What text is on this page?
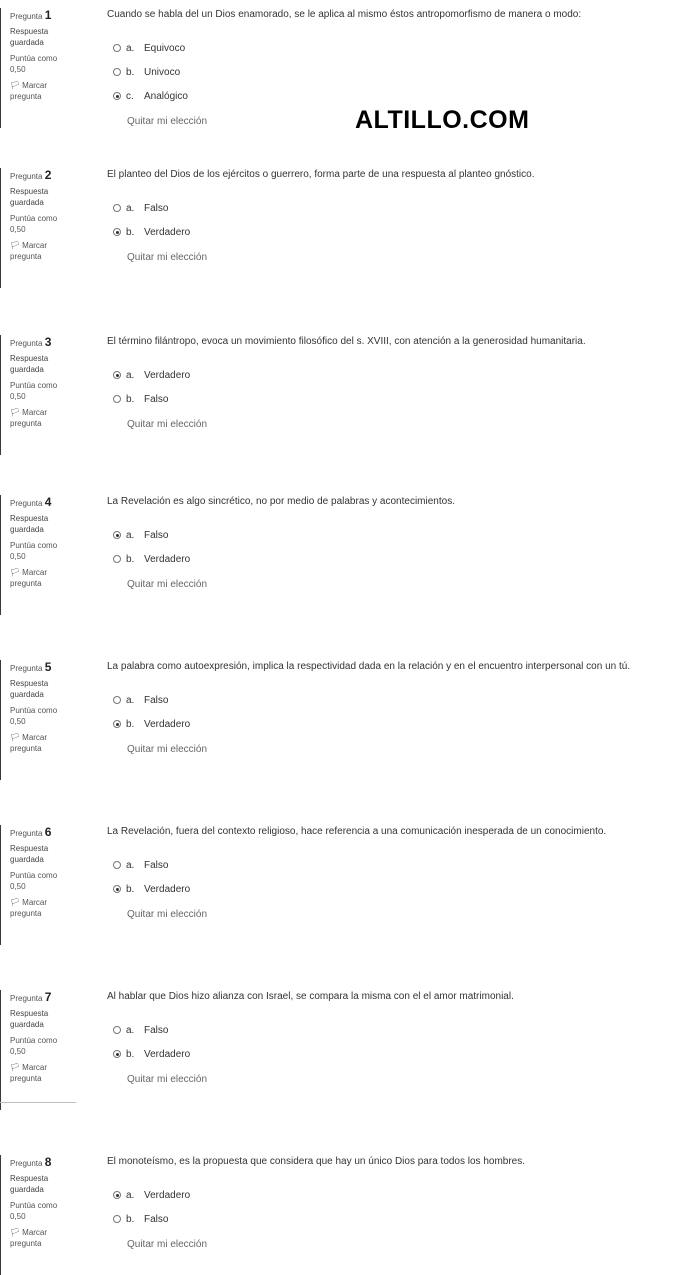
Pregunta 1
Respuesta guardada
Puntúa como 0,50
🏳︎ Marcar pregunta
Cuando se habla del un Dios enamorado, se le aplica al mismo éstos antropomorfismo de manera o modo:
a. Equivoco
b. Univoco
c.	Analógico
Quitar mi elección
Pregunta 2
Respuesta guardada
Puntúa como 0,50
🏳︎ Marcar pregunta
El planteo del Dios de los ejércitos o guerrero, forma parte de una respuesta al planteo gnóstico.
a. Falso
b. Verdadero
Quitar mi elección
Pregunta 3
Respuesta guardada
Puntúa como 0,50
🏳︎ Marcar pregunta
El término filántropo, evoca un movimiento filosófico del s. XVIII, con atención a la generosidad humanitaria.
a. Verdadero
b. Falso
Quitar mi elección
Pregunta 4
Respuesta guardada
Puntúa como 0,50
🏳︎ Marcar pregunta
La Revelación es algo sincrético, no por medio de palabras y acontecimientos.
a. Falso
b. Verdadero
Quitar mi elección
Pregunta 5
Respuesta guardada
Puntúa como 0,50
🏳︎ Marcar pregunta
La palabra como autoexpresión, implica la respectividad dada en la relación y en el encuentro interpersonal con un tú.
a. Falso
b. Verdadero
Quitar mi elección
Pregunta 6
Respuesta guardada
Puntúa como 0,50
🏳︎ Marcar pregunta
La Revelación, fuera del contexto religioso, hace referencia a una comunicación inesperada de un conocimiento.
a. Falso
b. Verdadero
Quitar mi elección
Pregunta 7
Respuesta guardada
Puntúa como 0,50
🏳︎ Marcar pregunta
Al hablar que Dios hizo alianza con Israel, se compara la misma con el el amor matrimonial.
a. Falso
b. Verdadero
Quitar mi elección
Pregunta 8
Respuesta guardada
Puntúa como 0,50
🏳︎ Marcar pregunta
El monoteísmo, es la propuesta que considera que hay un único Dios para todos los hombres.
a. Verdadero
b. Falso
Quitar mi elección
ALTILLO.COM
